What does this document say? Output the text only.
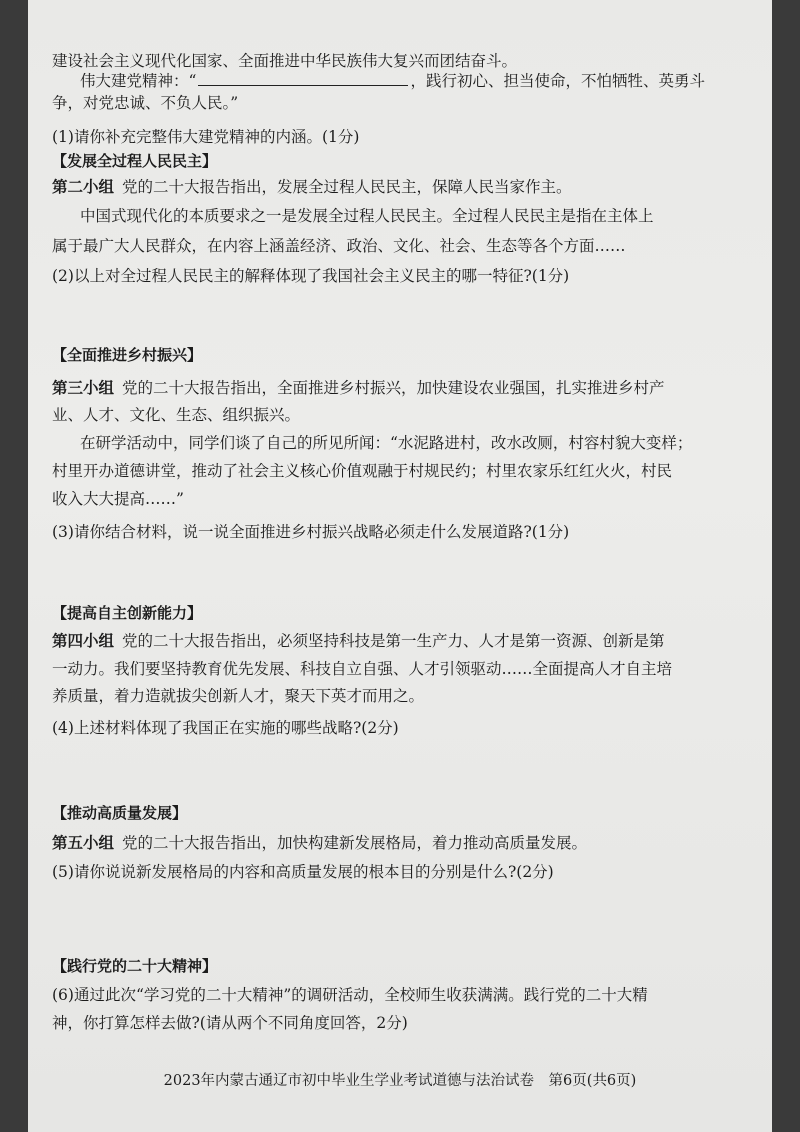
建设社会主义现代化国家、全面推进中华民族伟大复兴而团结奋斗。
伟大建党精神：“	，践行初心、担当使命，不怕牺牲、英勇斗
争，对党忠诚、不负人民。”
(1)请你补充完整伟大建党精神的内涵。(1分)
【发展全过程人民民主】
第二小组 党的二十大报告指出，发展全过程人民民主，保障人民当家作主。
中国式现代化的本质要求之一是发展全过程人民民主。全过程人民民主是指在主体上
属于最广大人民群众，在内容上涵盖经济、政治、文化、社会、生态等各个方面……
(2)以上对全过程人民民主的解释体现了我国社会主义民主的哪一特征?(1分)
【全面推进乡村振兴】
第三小组 党的二十大报告指出，全面推进乡村振兴，加快建设农业强国，扎实推进乡村产
业、人才、文化、生态、组织振兴。
在研学活动中，同学们谈了自己的所见所闻：“水泥路进村，改水改厕，村容村貌大变样；
村里开办道德讲堂，推动了社会主义核心价值观融于村规民约；村里农家乐红红火火，村民
收入大大提高……”
(3)请你结合材料，说一说全面推进乡村振兴战略必须走什么发展道路?(1分)
【提高自主创新能力】
第四小组 党的二十大报告指出，必须坚持科技是第一生产力、人才是第一资源、创新是第
一动力。我们要坚持教育优先发展、科技自立自强、人才引领驱动……全面提高人才自主培
养质量，着力造就拔尖创新人才，聚天下英才而用之。
(4)上述材料体现了我国正在实施的哪些战略?(2分)
【推动高质量发展】
第五小组 党的二十大报告指出，加快构建新发展格局，着力推动高质量发展。
(5)请你说说新发展格局的内容和高质量发展的根本目的分别是什么?(2分)
【践行党的二十大精神】
(6)通过此次“学习党的二十大精神”的调研活动，全校师生收获满满。践行党的二十大精
神，你打算怎样去做?(请从两个不同角度回答，2分)
2023年内蒙古通辽市初中毕业生学业考试道德与法治试卷　第6页(共6页)
